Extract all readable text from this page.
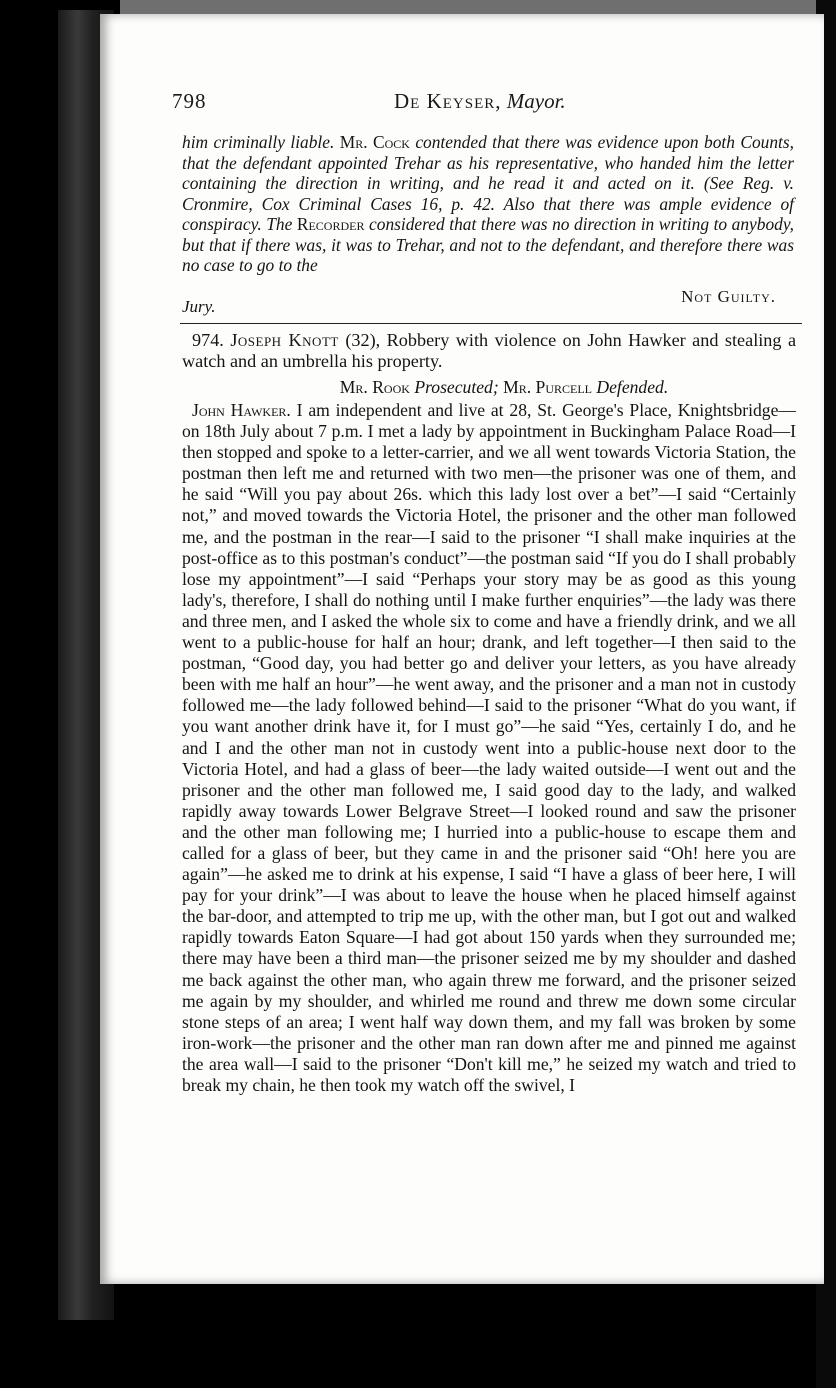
798	De Keyser, Mayor.
him criminally liable. Mr. Cock contended that there was evidence upon both Counts, that the defendant appointed Trehar as his representative, who handed him the letter containing the direction in writing, and he read it and acted on it. (See Reg. v. Cronmire, Cox Criminal Cases 16, p. 42. Also that there was ample evidence of conspiracy. The Recorder considered that there was no direction in writing to anybody, but that if there was, it was to Trehar, and not to the defendant, and therefore there was no case to go to the
Jury.
Not Guilty.
974. Joseph Knott (32), Robbery with violence on John Hawker and stealing a watch and an umbrella his property.
Mr. Rook Prosecuted; Mr. Purcell Defended.
John Hawker. I am independent and live at 28, St. George's Place, Knightsbridge—on 18th July about 7 p.m. I met a lady by appointment in Buckingham Palace Road—I then stopped and spoke to a letter-carrier, and we all went towards Victoria Station, the postman then left me and returned with two men—the prisoner was one of them, and he said “Will you pay about 26s. which this lady lost over a bet”—I said “Certainly not,” and moved towards the Victoria Hotel, the prisoner and the other man followed me, and the postman in the rear—I said to the prisoner “I shall make inquiries at the post-office as to this postman's conduct”—the postman said “If you do I shall probably lose my appointment”—I said “Perhaps your story may be as good as this young lady's, therefore, I shall do nothing until I make further enquiries”—the lady was there and three men, and I asked the whole six to come and have a friendly drink, and we all went to a public-house for half an hour; drank, and left together—I then said to the postman, “Good day, you had better go and deliver your letters, as you have already been with me half an hour”—he went away, and the prisoner and a man not in custody followed me—the lady followed behind—I said to the prisoner “What do you want, if you want another drink have it, for I must go”—he said “Yes, certainly I do, and he and I and the other man not in custody went into a public-house next door to the Victoria Hotel, and had a glass of beer—the lady waited outside—I went out and the prisoner and the other man followed me, I said good day to the lady, and walked rapidly away towards Lower Belgrave Street—I looked round and saw the prisoner and the other man following me; I hurried into a public-house to escape them and called for a glass of beer, but they came in and the prisoner said “Oh! here you are again”—he asked me to drink at his expense, I said “I have a glass of beer here, I will pay for your drink”—I was about to leave the house when he placed himself against the bar-door, and attempted to trip me up, with the other man, but I got out and walked rapidly towards Eaton Square—I had got about 150 yards when they surrounded me; there may have been a third man—the prisoner seized me by my shoulder and dashed me back against the other man, who again threw me forward, and the prisoner seized me again by my shoulder, and whirled me round and threw me down some circular stone steps of an area; I went half way down them, and my fall was broken by some iron-work—the prisoner and the other man ran down after me and pinned me against the area wall—I said to the prisoner “Don't kill me,” he seized my watch and tried to break my chain, he then took my watch off the swivel, I
